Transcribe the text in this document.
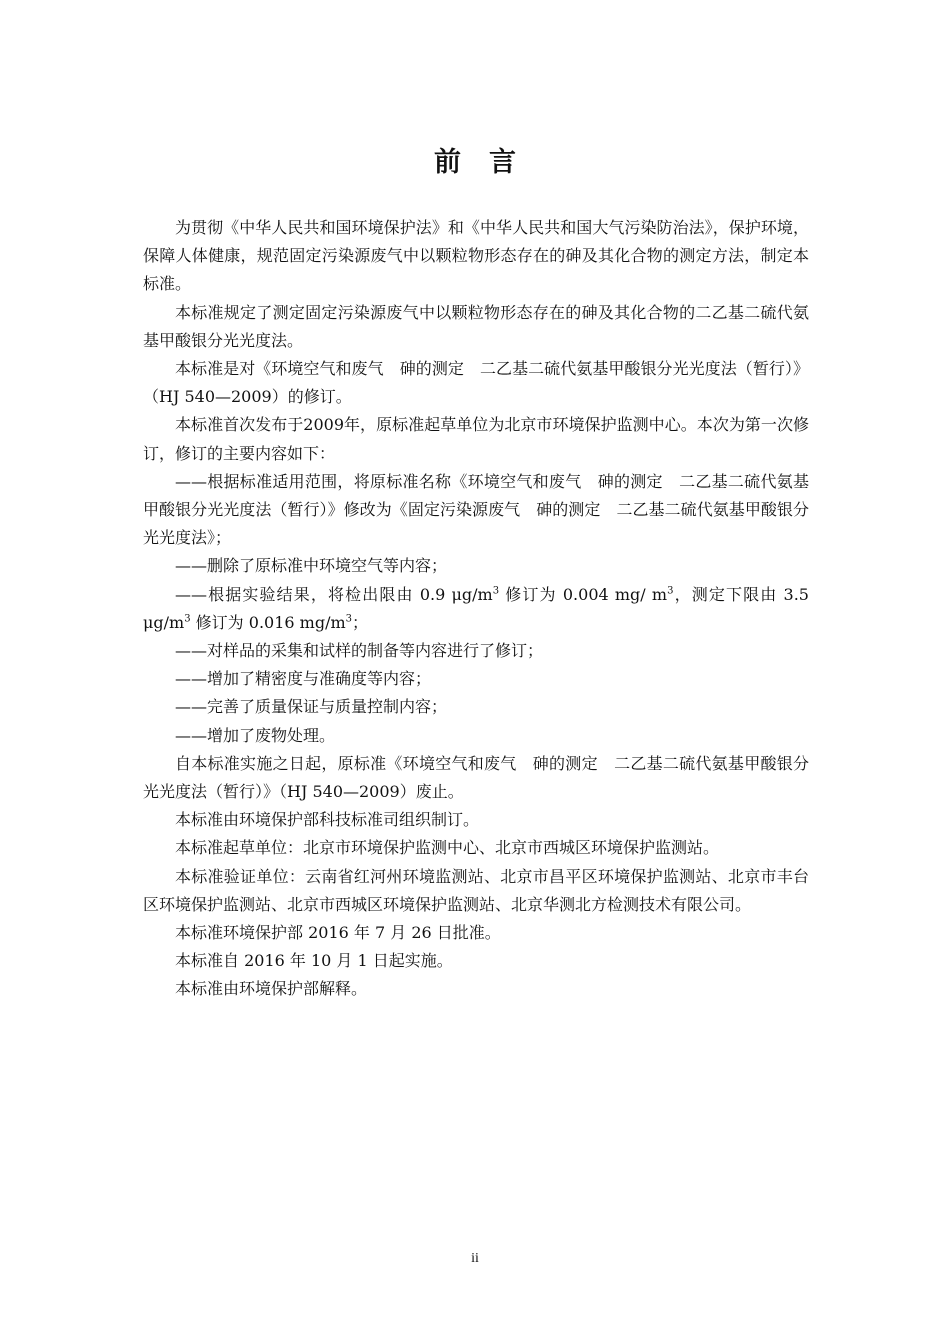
前 言

为贯彻《中华人民共和国环境保护法》和《中华人民共和国大气污染防治法》，保护环境，保障人体健康，规范固定污染源废气中以颗粒物形态存在的砷及其化合物的测定方法，制定本标准。

本标准规定了测定固定污染源废气中以颗粒物形态存在的砷及其化合物的二乙基二硫代氨基甲酸银分光光度法。

本标准是对《环境空气和废气　砷的测定　二乙基二硫代氨基甲酸银分光光度法（暂行）》（HJ 540—2009）的修订。

本标准首次发布于2009年，原标准起草单位为北京市环境保护监测中心。本次为第一次修订，修订的主要内容如下：

——根据标准适用范围，将原标准名称《环境空气和废气　砷的测定　二乙基二硫代氨基甲酸银分光光度法（暂行）》修改为《固定污染源废气　砷的测定　二乙基二硫代氨基甲酸银分光光度法》；

——删除了原标准中环境空气等内容；

——根据实验结果，将检出限由 0.9 $\mu g/m^3$ 修订为 0.004 mg/ $m^3$，测定下限由 3.5 $\mu g/m^3$ 修订为 0.016 $mg/m^3$；

——对样品的采集和试样的制备等内容进行了修订；

——增加了精密度与准确度等内容；

——完善了质量保证与质量控制内容；

——增加了废物处理。

自本标准实施之日起，原标准《环境空气和废气　砷的测定　二乙基二硫代氨基甲酸银分光光度法（暂行）》（HJ 540—2009）废止。

本标准由环境保护部科技标准司组织制订。

本标准起草单位：北京市环境保护监测中心、北京市西城区环境保护监测站。

本标准验证单位：云南省红河州环境监测站、北京市昌平区环境保护监测站、北京市丰台区环境保护监测站、北京市西城区环境保护监测站、北京华测北方检测技术有限公司。

本标准环境保护部 2016 年 7 月 26 日批准。

本标准自 2016 年 10 月 1 日起实施。

本标准由环境保护部解释。

ii
